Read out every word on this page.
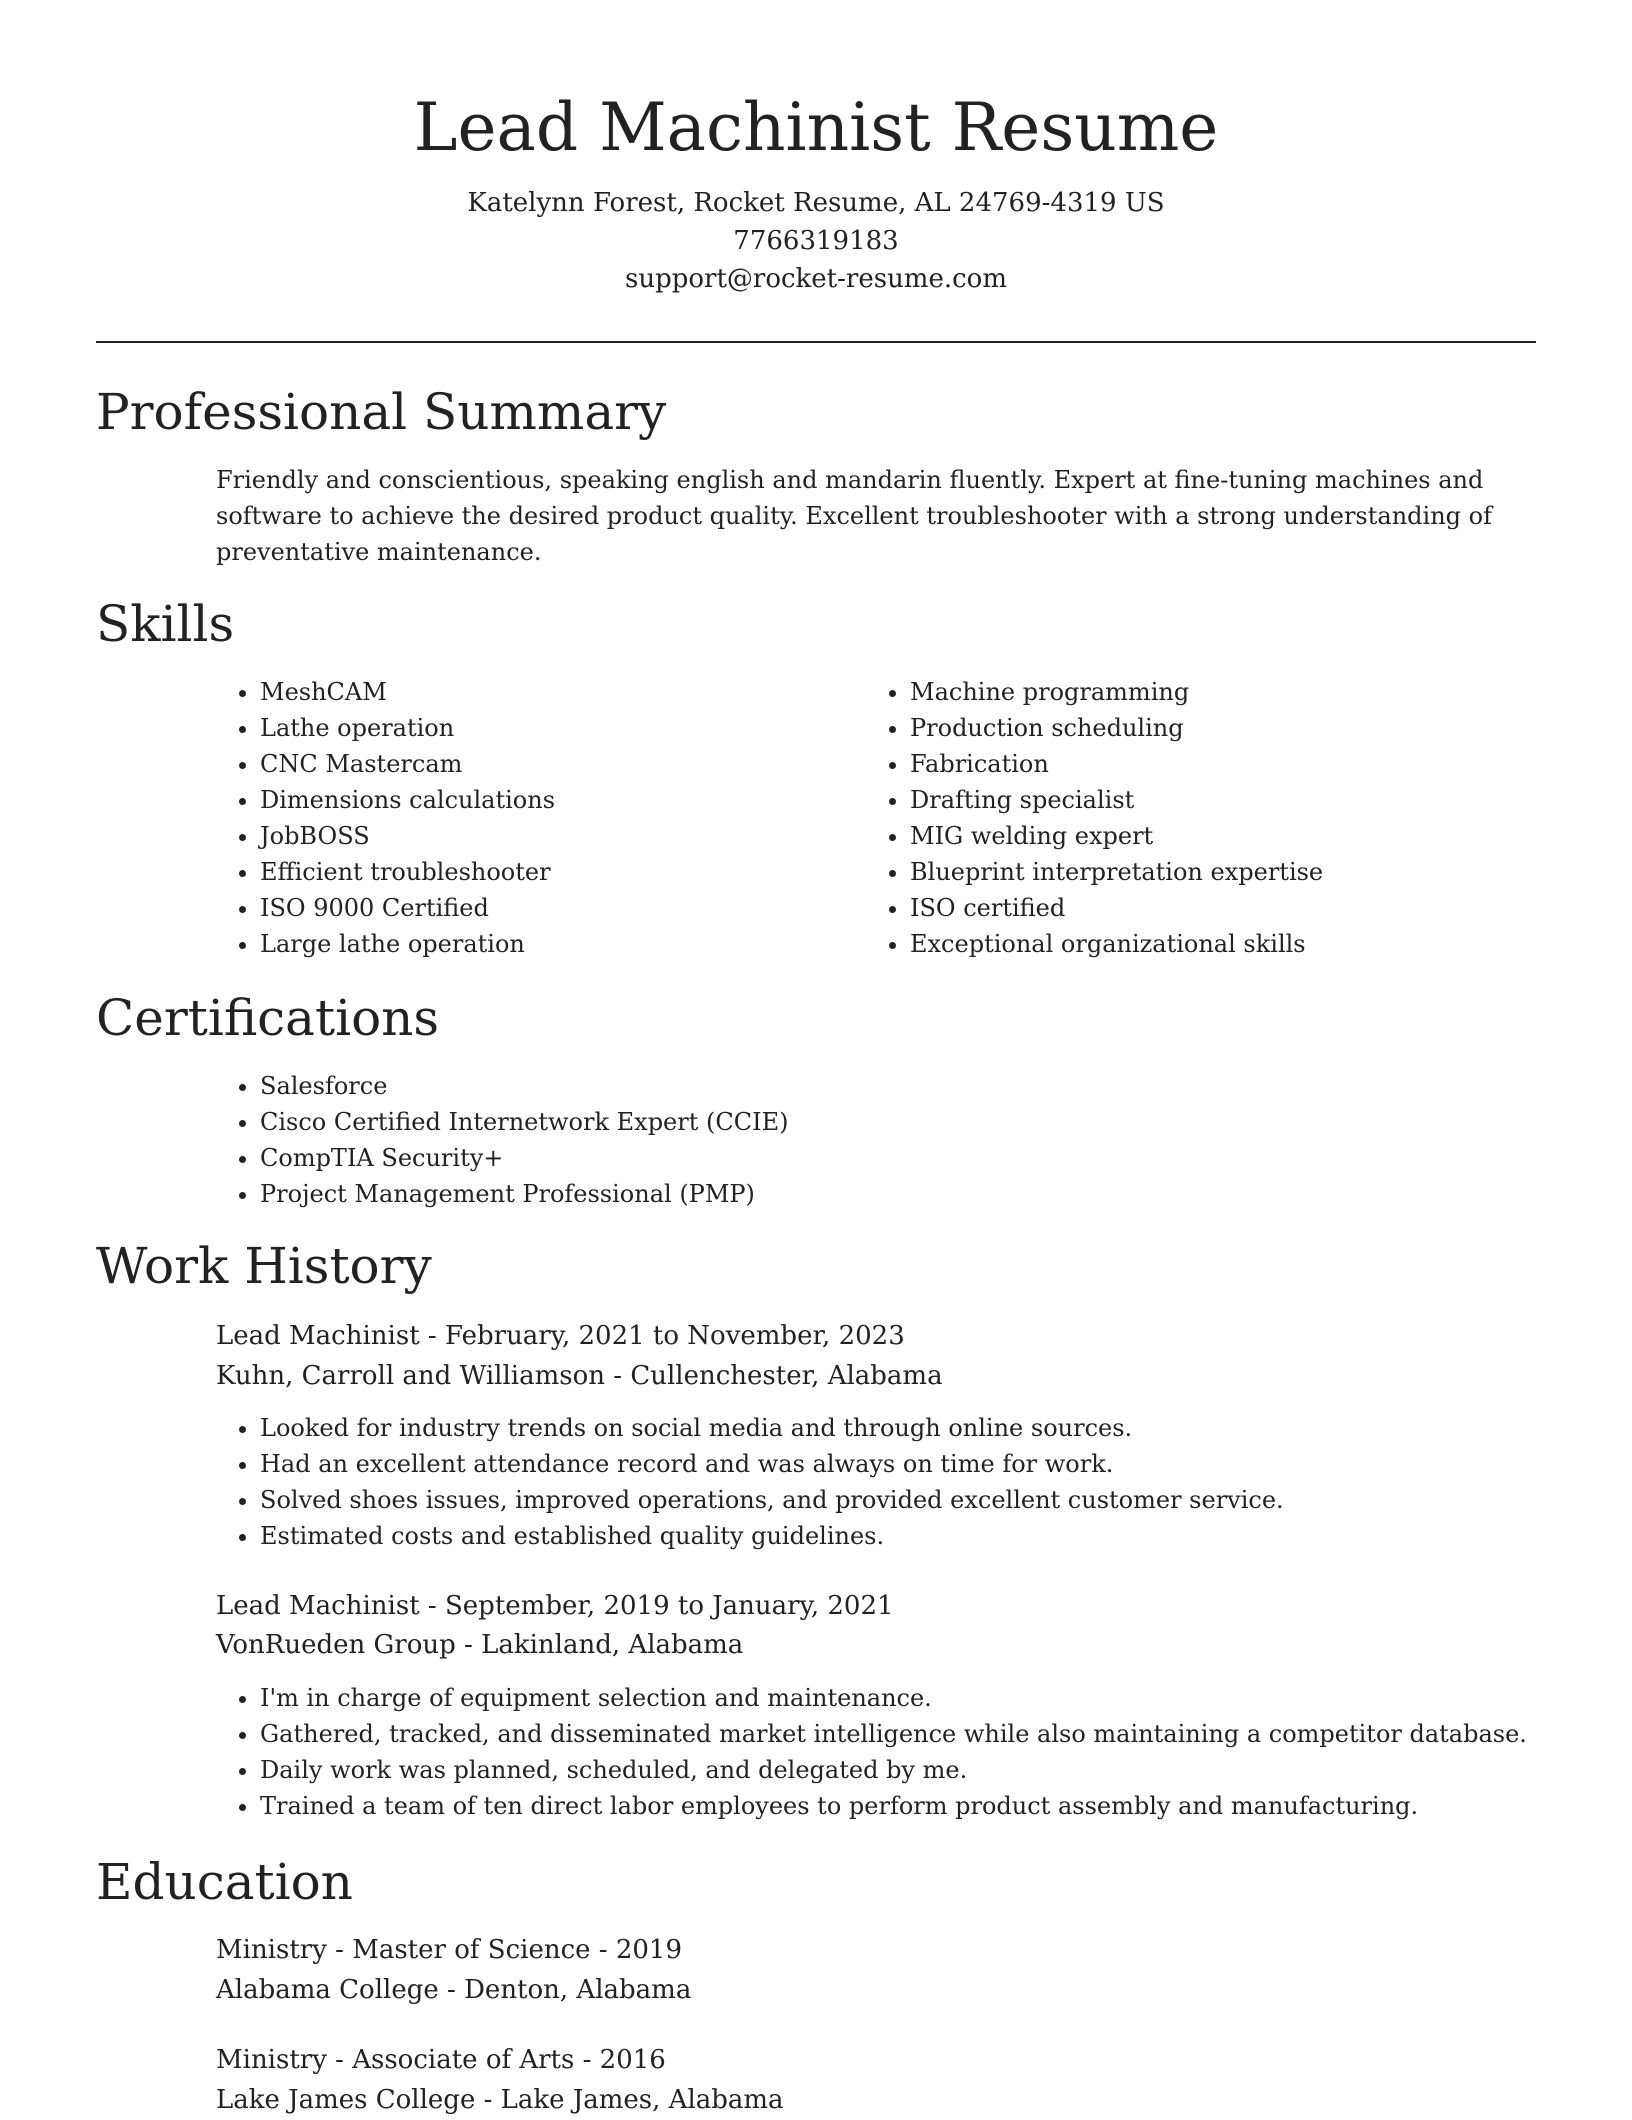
Lead Machinist Resume
Katelynn Forest, Rocket Resume, AL 24769-4319 US
7766319183
support@rocket-resume.com
Professional Summary
Friendly and conscientious, speaking english and mandarin fluently. Expert at fine-tuning machines and software to achieve the desired product quality. Excellent troubleshooter with a strong understanding of preventative maintenance.
Skills
• MeshCAM
• Lathe operation
• CNC Mastercam
• Dimensions calculations
• JobBOSS
• Efficient troubleshooter
• ISO 9000 Certified
• Large lathe operation
• Machine programming
• Production scheduling
• Fabrication
• Drafting specialist
• MIG welding expert
• Blueprint interpretation expertise
• ISO certified
• Exceptional organizational skills
Certifications
• Salesforce
• Cisco Certified Internetwork Expert (CCIE)
• CompTIA Security+
• Project Management Professional (PMP)
Work History
Lead Machinist - February, 2021 to November, 2023
Kuhn, Carroll and Williamson - Cullenchester, Alabama
• Looked for industry trends on social media and through online sources.
• Had an excellent attendance record and was always on time for work.
• Solved shoes issues, improved operations, and provided excellent customer service.
• Estimated costs and established quality guidelines.
Lead Machinist - September, 2019 to January, 2021
VonRueden Group - Lakinland, Alabama
• I'm in charge of equipment selection and maintenance.
• Gathered, tracked, and disseminated market intelligence while also maintaining a competitor database.
• Daily work was planned, scheduled, and delegated by me.
• Trained a team of ten direct labor employees to perform product assembly and manufacturing.
Education
Ministry - Master of Science - 2019
Alabama College - Denton, Alabama
Ministry - Associate of Arts - 2016
Lake James College - Lake James, Alabama
